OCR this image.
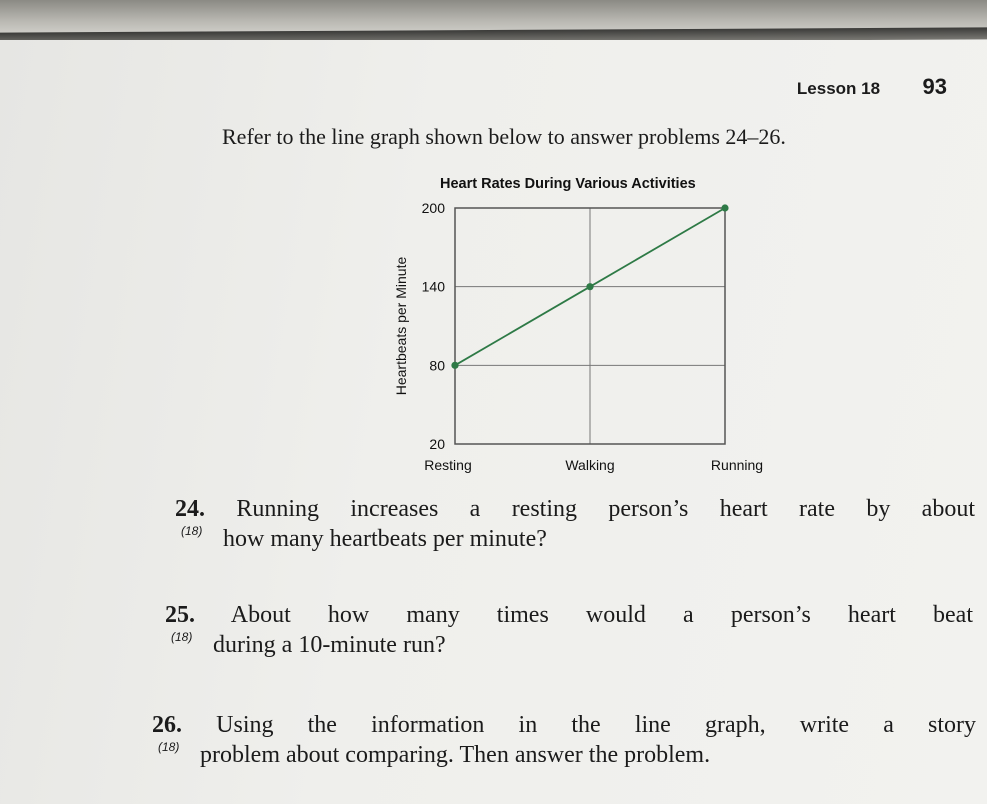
Lesson 18 93
Refer to the line graph shown below to answer problems 24–26.
Heart Rates During Various Activities
200
140
80
20
Resting	Walking	Running
Heartbeats per Minute
24. Running increases a resting person’s heart rate by about
(18) how many heartbeats per minute?
25. About how many times would a person’s heart beat
(18) during a 10-minute run?
26. Using the information in the line graph, write a story
(18) problem about comparing. Then answer the problem.
